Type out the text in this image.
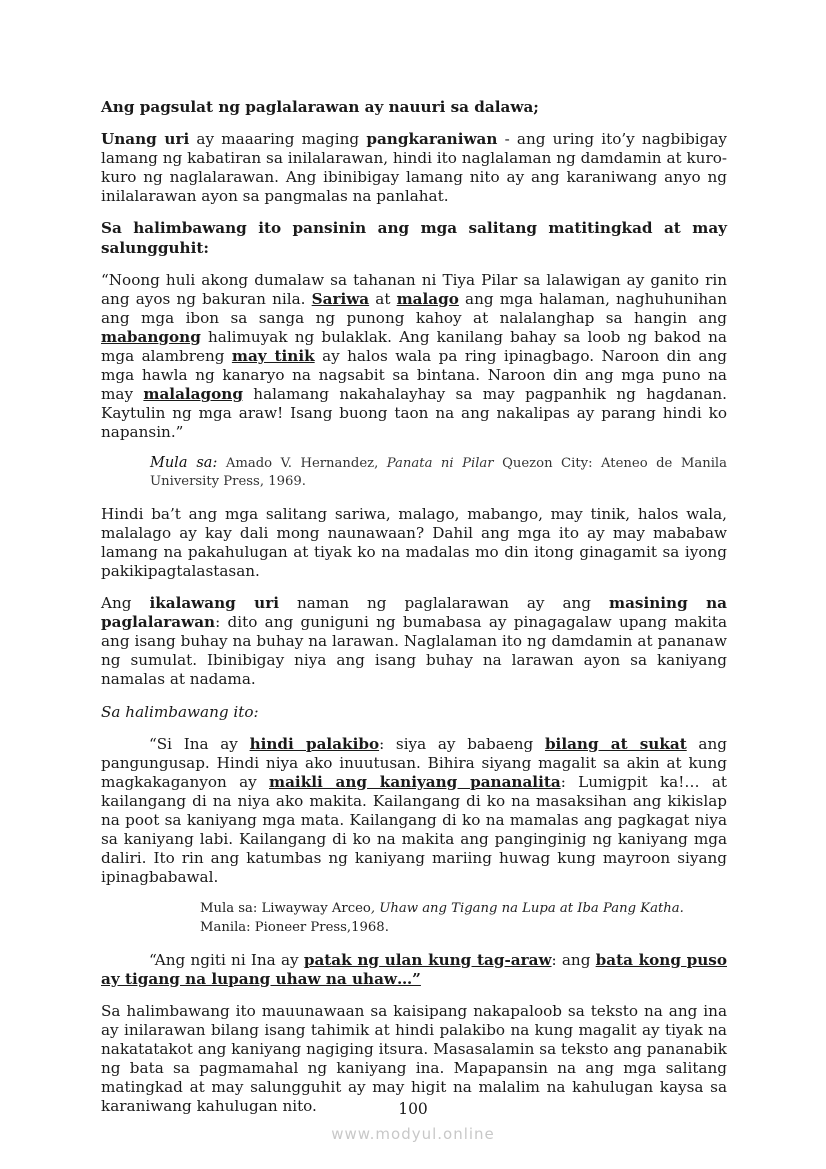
Ang pagsulat ng paglalarawan ay nauuri sa dalawa;

Unang uri ay maaaring maging pangkaraniwan - ang uring ito’y nagbibigay lamang ng kabatiran sa inilalarawan, hindi ito naglalaman ng damdamin at kuro-kuro ng naglalarawan. Ang ibinibigay lamang nito ay ang karaniwang anyo ng inilalarawan ayon sa pangmalas na panlahat.

Sa halimbawang ito pansinin ang mga salitang matitingkad at may salungguhit:

“Noong huli akong dumalaw sa tahanan ni Tiya Pilar sa lalawigan ay ganito rin ang ayos ng bakuran nila. Sariwa at malago ang mga halaman, naghuhunihan ang mga ibon sa sanga ng punong kahoy at nalalanghap sa hangin ang mabangong halimuyak ng bulaklak. Ang kanilang bahay sa loob ng bakod na mga alambreng may tinik ay halos wala pa ring ipinagbago. Naroon din ang mga hawla ng kanaryo na nagsabit sa bintana. Naroon din ang mga puno na may malalagong halamang nakahalayhay sa may pagpanhik ng hagdanan. Kaytulin ng mga araw! Isang buong taon na ang nakalipas ay parang hindi ko napansin.”

Mula sa: Amado V. Hernandez, Panata ni Pilar Quezon City: Ateneo de Manila University Press, 1969.

Hindi ba’t ang mga salitang sariwa, malago, mabango, may tinik, halos wala, malalago ay kay dali mong naunawaan? Dahil ang mga ito ay may mababaw lamang na pakahulugan at tiyak ko na madalas mo din itong ginagamit sa iyong pakikipagtalastasan.

Ang ikalawang uri naman ng paglalarawan ay ang masining na paglalarawan: dito ang guniguni ng bumabasa ay pinagagalaw upang makita ang isang buhay na buhay na larawan. Naglalaman ito ng damdamin at pananaw ng sumulat. Ibinibigay niya ang isang buhay na larawan ayon sa kaniyang namalas at nadama.

Sa halimbawang ito:

“Si Ina ay hindi palakibo: siya ay babaeng bilang at sukat ang pangungusap. Hindi niya ako inuutusan. Bihira siyang magalit sa akin at kung magkakaganyon ay maikli ang kaniyang pananalita: Lumigpit ka!… at kailangang di na niya ako makita. Kailangang di ko na masaksihan ang kikislap na poot sa kaniyang mga mata. Kailangang di ko na mamalas ang pagkagat niya sa kaniyang labi. Kailangang di ko na makita ang panginginig ng kaniyang mga daliri. Ito rin ang katumbas ng kaniyang mariing huwag kung mayroon siyang ipinagbabawal.

Mula sa: Liwayway Arceo, Uhaw ang Tigang na Lupa at Iba Pang Katha.
Manila: Pioneer Press,1968.

“Ang ngiti ni Ina ay patak ng ulan kung tag-araw: ang bata kong puso ay tigang na lupang uhaw na uhaw…”

Sa halimbawang ito mauunawaan sa kaisipang nakapaloob sa teksto na ang ina ay inilarawan bilang isang tahimik at hindi palakibo na kung magalit ay tiyak na nakatatakot ang kaniyang nagiging itsura. Masasalamin sa teksto ang pananabik ng bata sa pagmamahal ng kaniyang ina. Mapapansin na ang mga salitang matingkad at may salungguhit ay may higit na malalim na kahulugan kaysa sa karaniwang kahulugan nito.	100
www.modyul.online
